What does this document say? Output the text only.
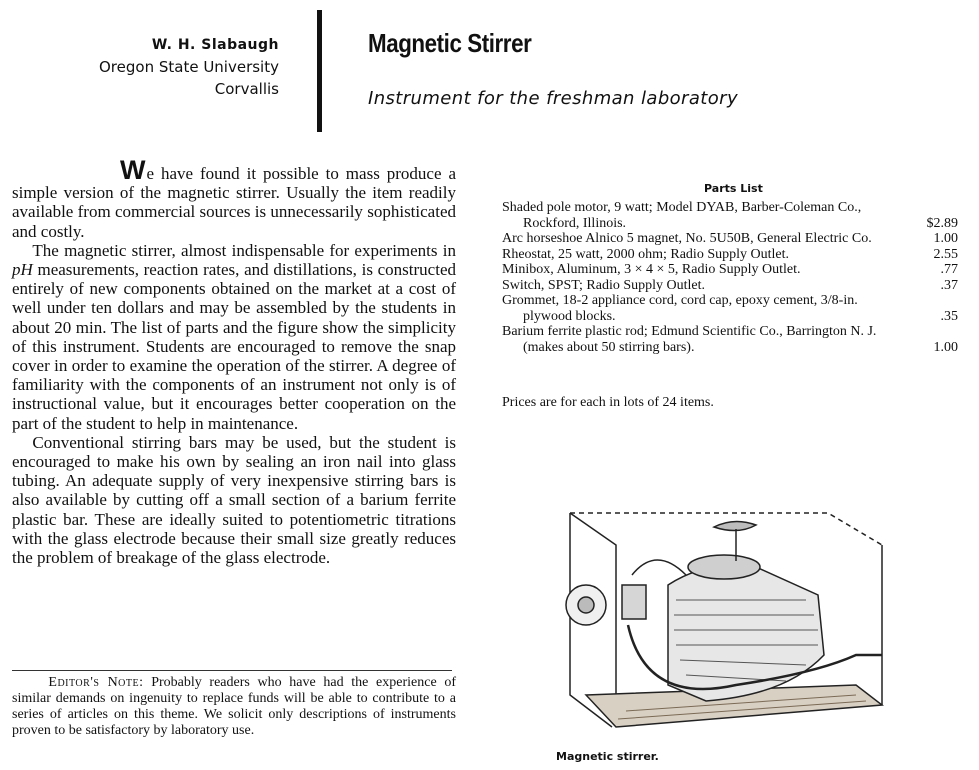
W. H. Slabaugh
Oregon State University
Corvallis
Magnetic Stirrer
Instrument for the freshman laboratory

We have found it possible to mass produce a simple version of the magnetic stirrer. Usually the item readily available from commercial sources is unnecessarily sophisticated and costly.

The magnetic stirrer, almost indispensable for experiments in pH measurements, reaction rates, and distillations, is constructed entirely of new components obtained on the market at a cost of well under ten dollars and may be assembled by the students in about 20 min. The list of parts and the figure show the simplicity of this instrument. Students are encouraged to remove the snap cover in order to examine the operation of the stirrer. A degree of familiarity with the components of an instrument not only is of instructional value, but it encourages better cooperation on the part of the student to help in maintenance.

Conventional stirring bars may be used, but the student is encouraged to make his own by sealing an iron nail into glass tubing. An adequate supply of very inexpensive stirring bars is also available by cutting off a small section of a barium ferrite plastic bar. These are ideally suited to potentiometric titrations with the glass electrode because their small size greatly reduces the problem of breakage of the glass electrode.

Editor's Note: Probably readers who have had the experience of similar demands on ingenuity to replace funds will be able to contribute to a series of articles on this theme. We solicit only descriptions of instruments proven to be satisfactory by laboratory use.

Parts List
Shaded pole motor, 9 watt; Model DYAB, Barber-Coleman Co., Rockford, Illinois.	$2.89
Arc horseshoe Alnico 5 magnet, No. 5U50B, General Electric Co.	1.00
Rheostat, 25 watt, 2000 ohm; Radio Supply Outlet.	2.55
Minibox, Aluminum, 3 × 4 × 5, Radio Supply Outlet.	.77
Switch, SPST; Radio Supply Outlet.	.37
Grommet, 18-2 appliance cord, cord cap, epoxy cement, 3/8-in. plywood blocks.	.35
Barium ferrite plastic rod; Edmund Scientific Co., Barrington N. J. (makes about 50 stirring bars).	1.00
Prices are for each in lots of 24 items.
Magnetic stirrer.
